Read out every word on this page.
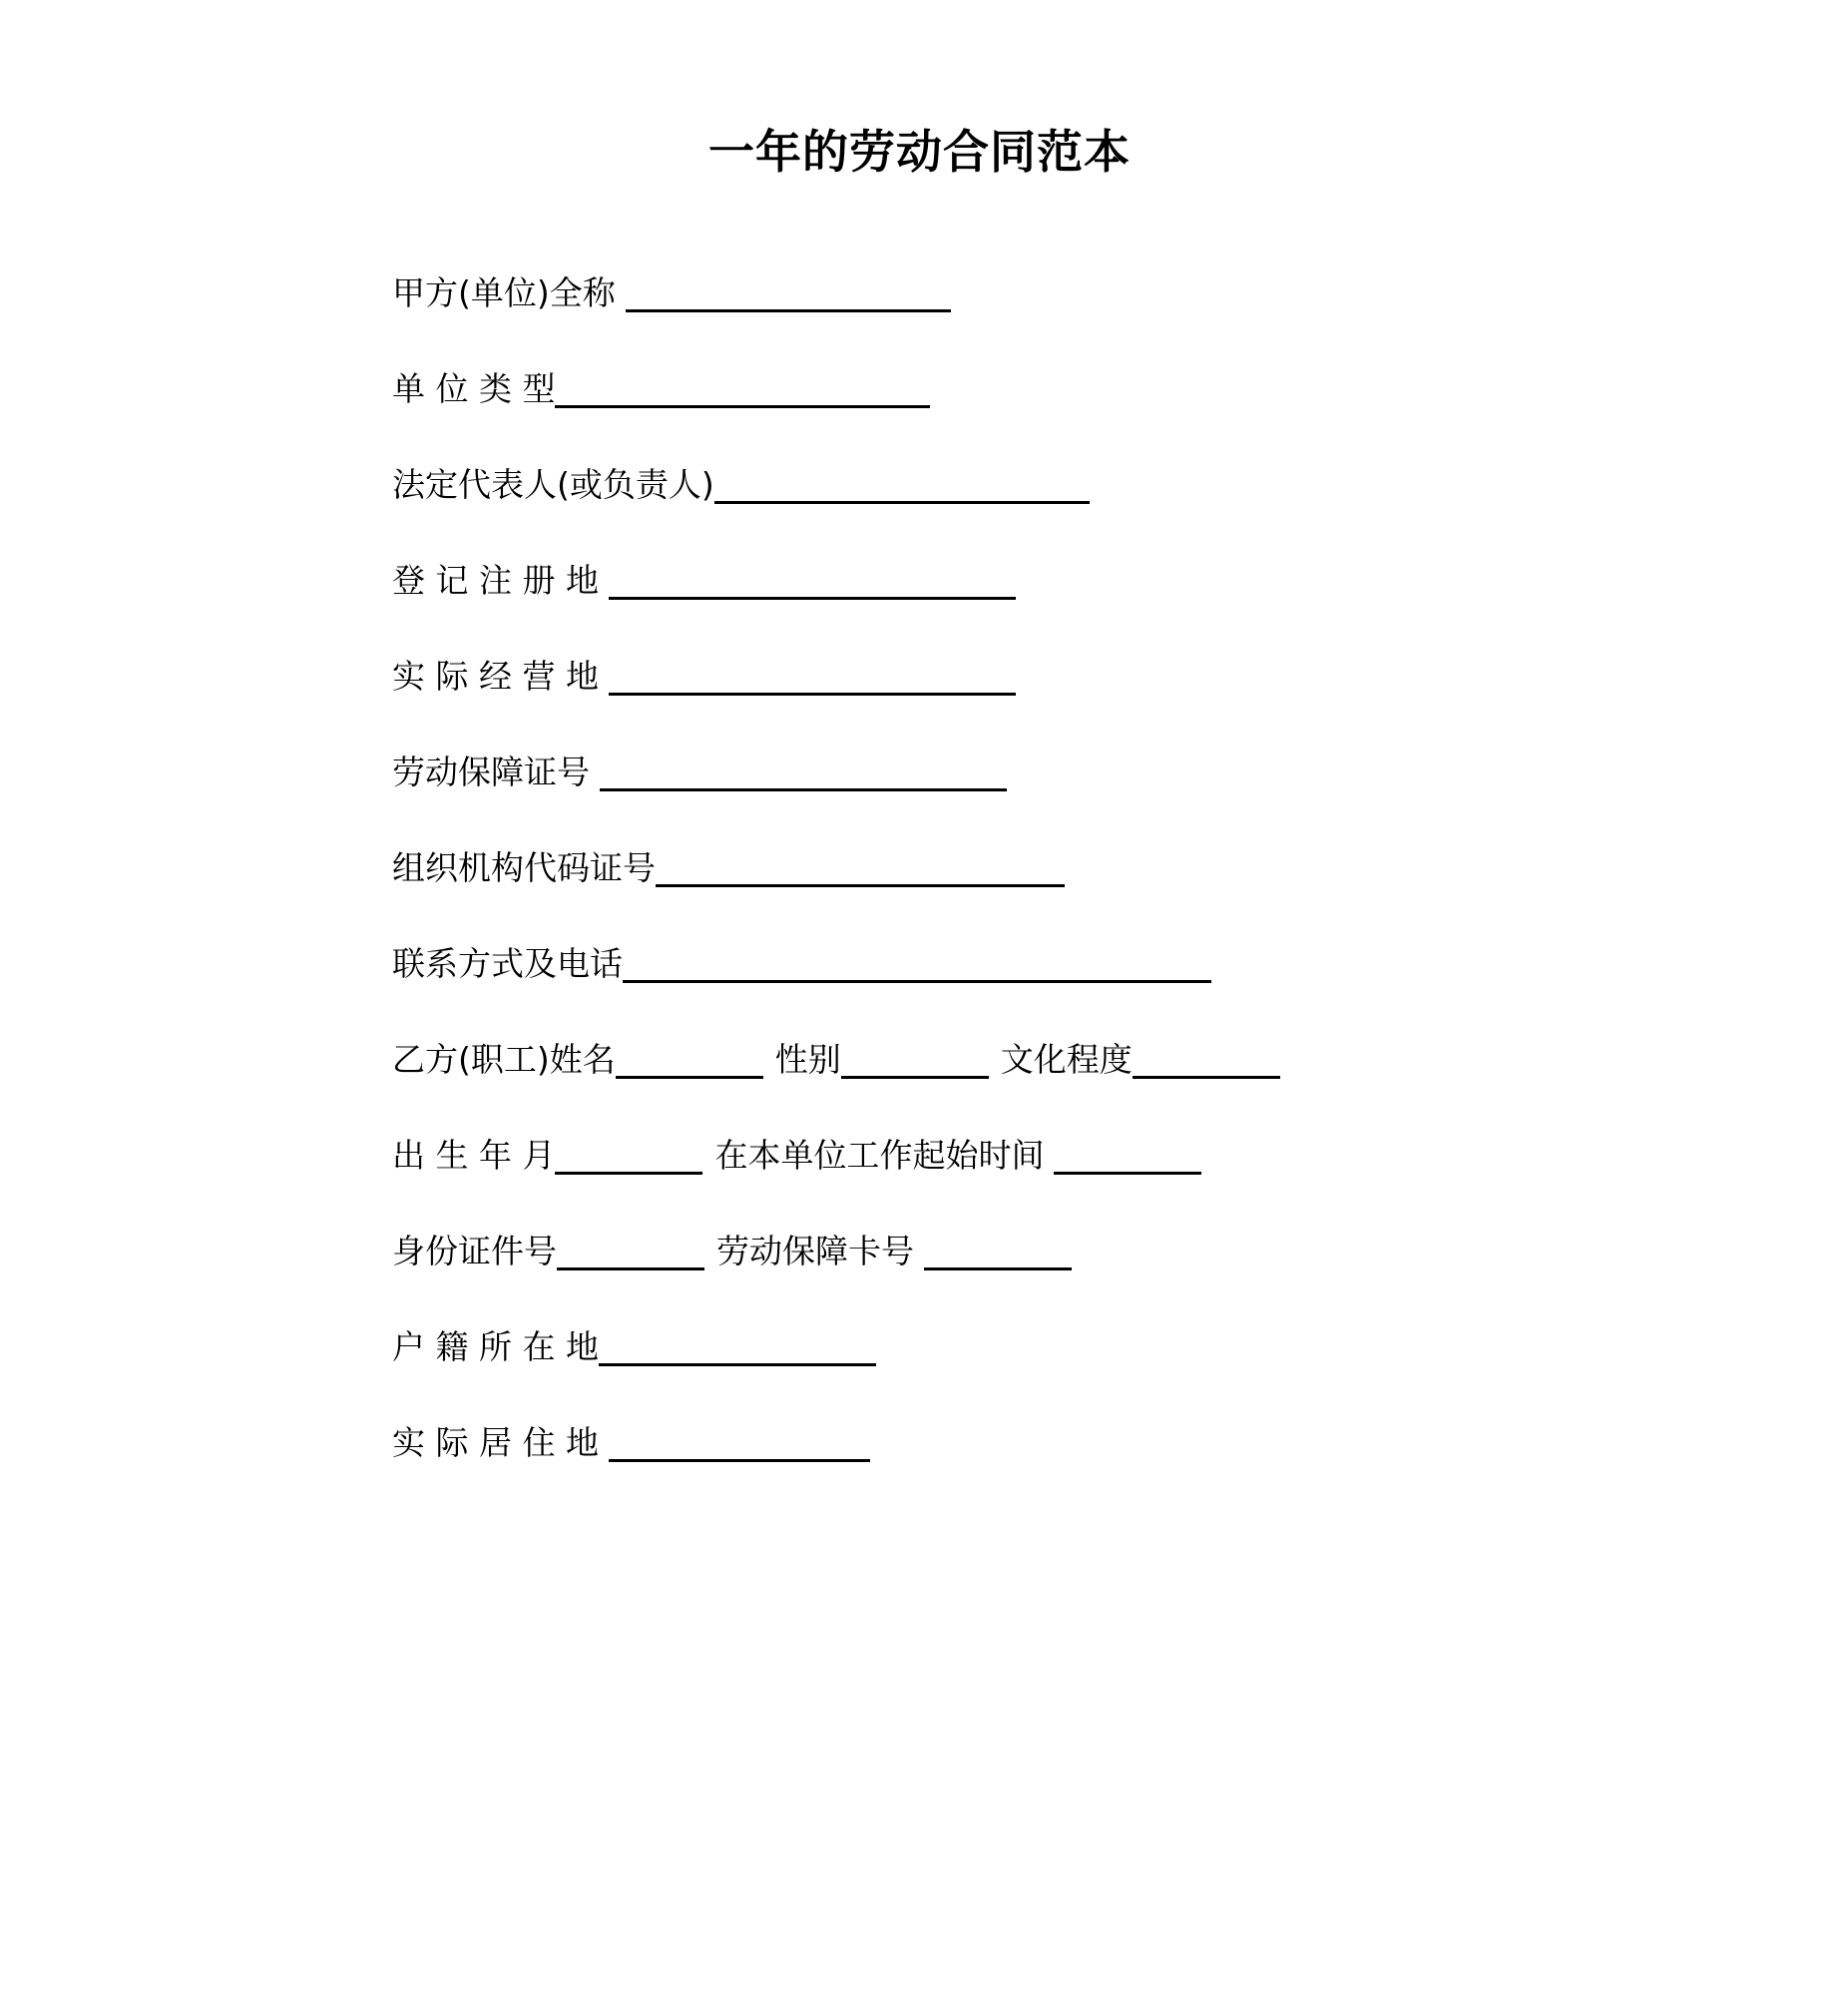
一年的劳动合同范本
甲方(单位)全称
单 位 类 型
法定代表人(或负责人)
登 记 注 册 地
实 际 经 营 地
劳动保障证号
组织机构代码证号
联系方式及电话
乙方(职工)姓名	性别	文化程度
出 生 年 月	在本单位工作起始时间
身份证件号	劳动保障卡号
户 籍 所 在 地
实 际 居 住 地
